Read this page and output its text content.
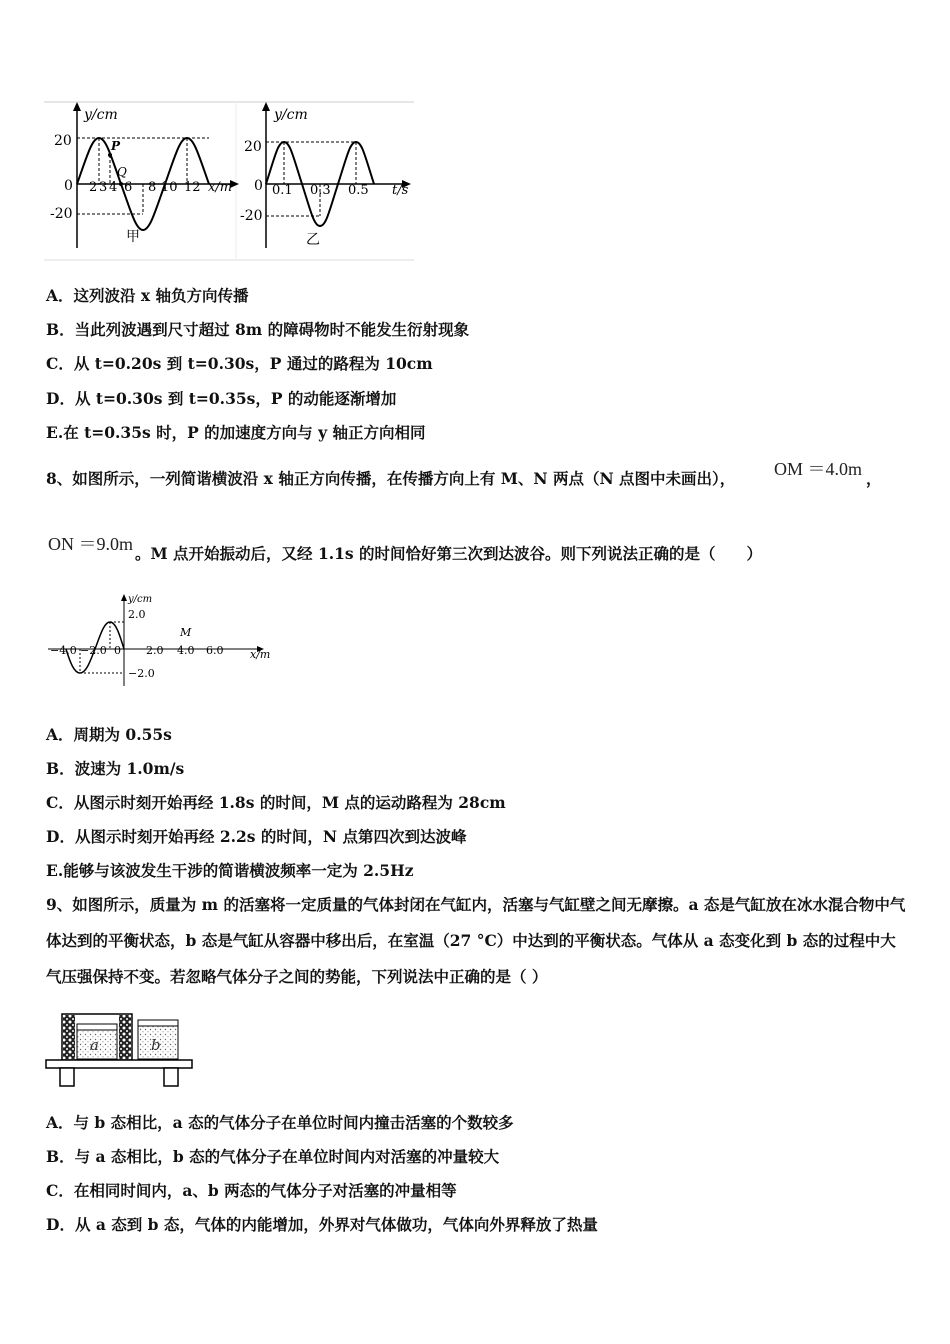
y/cm
20
0
-20
P
Q
2 3 4 6 8 10 12 x/m
甲
y/cm
20
0
-20
0.1 0.3 0.5 t/s
乙
A．这列波沿 x 轴负方向传播
B．当此列波遇到尺寸超过 8m 的障碍物时不能发生衍射现象
C．从 t=0.20s 到 t=0.30s，P 通过的路程为 10cm
D．从 t=0.30s 到 t=0.35s，P 的动能逐渐增加
E.在 t=0.35s 时，P 的加速度方向与 y 轴正方向相同
8、如图所示，一列简谐横波沿 x 轴正方向传播，在传播方向上有 M、N 两点（N 点图中未画出）， OM ＝4.0m ，
ON ＝9.0m 。M 点开始振动后，又经 1.1s 的时间恰好第三次到达波谷。则下列说法正确的是（　　）
y/cm
2.0
−2.0
−4.0 −2.0 0 2.0 4.0 6.0
M
x/m
A．周期为 0.55s
B．波速为 1.0m/s
C．从图示时刻开始再经 1.8s 的时间，M 点的运动路程为 28cm
D．从图示时刻开始再经 2.2s 的时间，N 点第四次到达波峰
E.能够与该波发生干涉的简谐横波频率一定为 2.5Hz
9、如图所示，质量为 m 的活塞将一定质量的气体封闭在气缸内，活塞与气缸壁之间无摩擦。a 态是气缸放在冰水混合物中气体达到的平衡状态，b 态是气缸从容器中移出后，在室温（27 °C）中达到的平衡状态。气体从 a 态变化到 b 态的过程中大气压强保持不变。若忽略气体分子之间的势能，下列说法中正确的是（ ）
a	b
A．与 b 态相比，a 态的气体分子在单位时间内撞击活塞的个数较多
B．与 a 态相比，b 态的气体分子在单位时间内对活塞的冲量较大
C．在相同时间内，a、b 两态的气体分子对活塞的冲量相等
D．从 a 态到 b 态，气体的内能增加，外界对气体做功，气体向外界释放了热量
